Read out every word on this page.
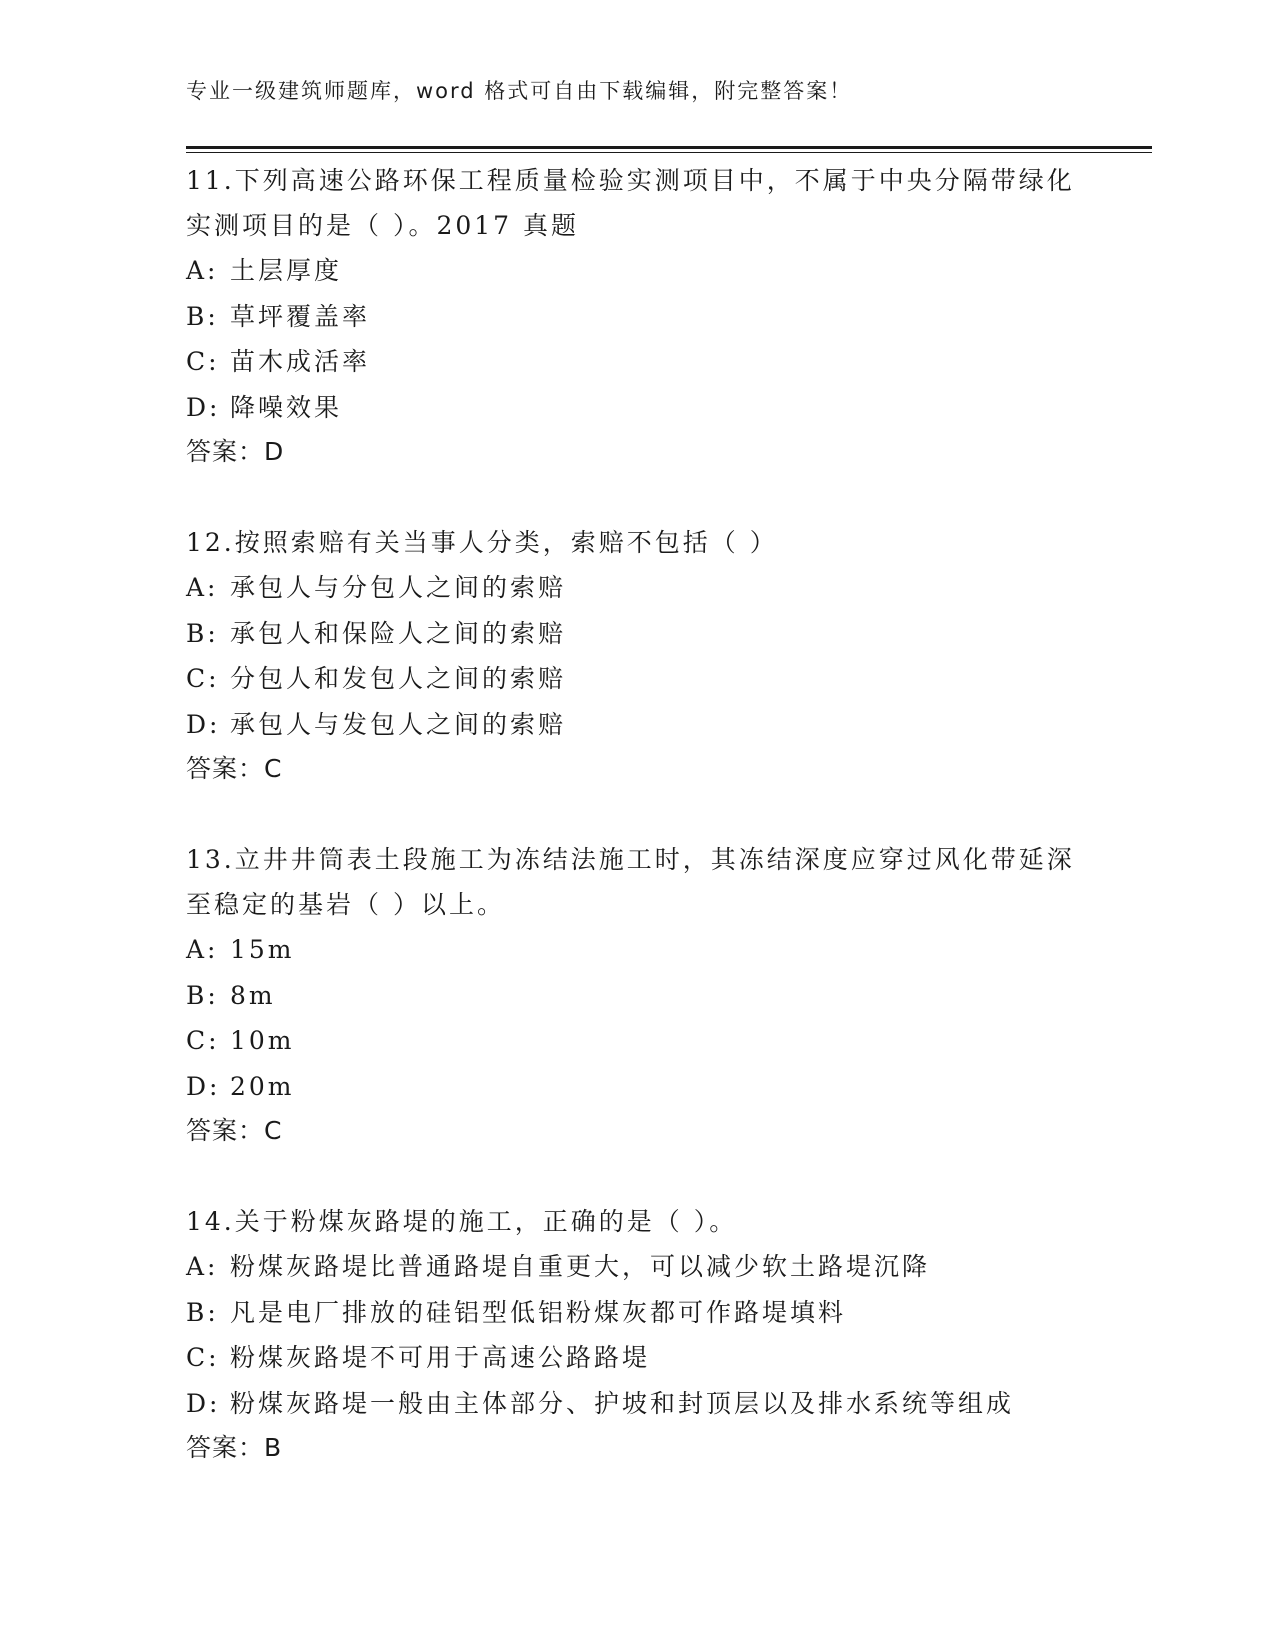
专业一级建筑师题库，word 格式可自由下载编辑，附完整答案！

11.下列高速公路环保工程质量检验实测项目中，不属于中央分隔带绿化实测项目的是（ ）。2017 真题

A: 土层厚度

B: 草坪覆盖率

C: 苗木成活率

D: 降噪效果

答案：D

12.按照索赔有关当事人分类，索赔不包括（ ）

A: 承包人与分包人之间的索赔

B: 承包人和保险人之间的索赔

C: 分包人和发包人之间的索赔

D: 承包人与发包人之间的索赔

答案：C

13.立井井筒表土段施工为冻结法施工时，其冻结深度应穿过风化带延深至稳定的基岩（ ）以上。

A: 15m

B: 8m

C: 10m

D: 20m

答案：C

14.关于粉煤灰路堤的施工，正确的是（ ）。

A: 粉煤灰路堤比普通路堤自重更大，可以减少软土路堤沉降

B: 凡是电厂排放的硅铝型低铝粉煤灰都可作路堤填料

C: 粉煤灰路堤不可用于高速公路路堤

D: 粉煤灰路堤一般由主体部分、护坡和封顶层以及排水系统等组成

答案：B
